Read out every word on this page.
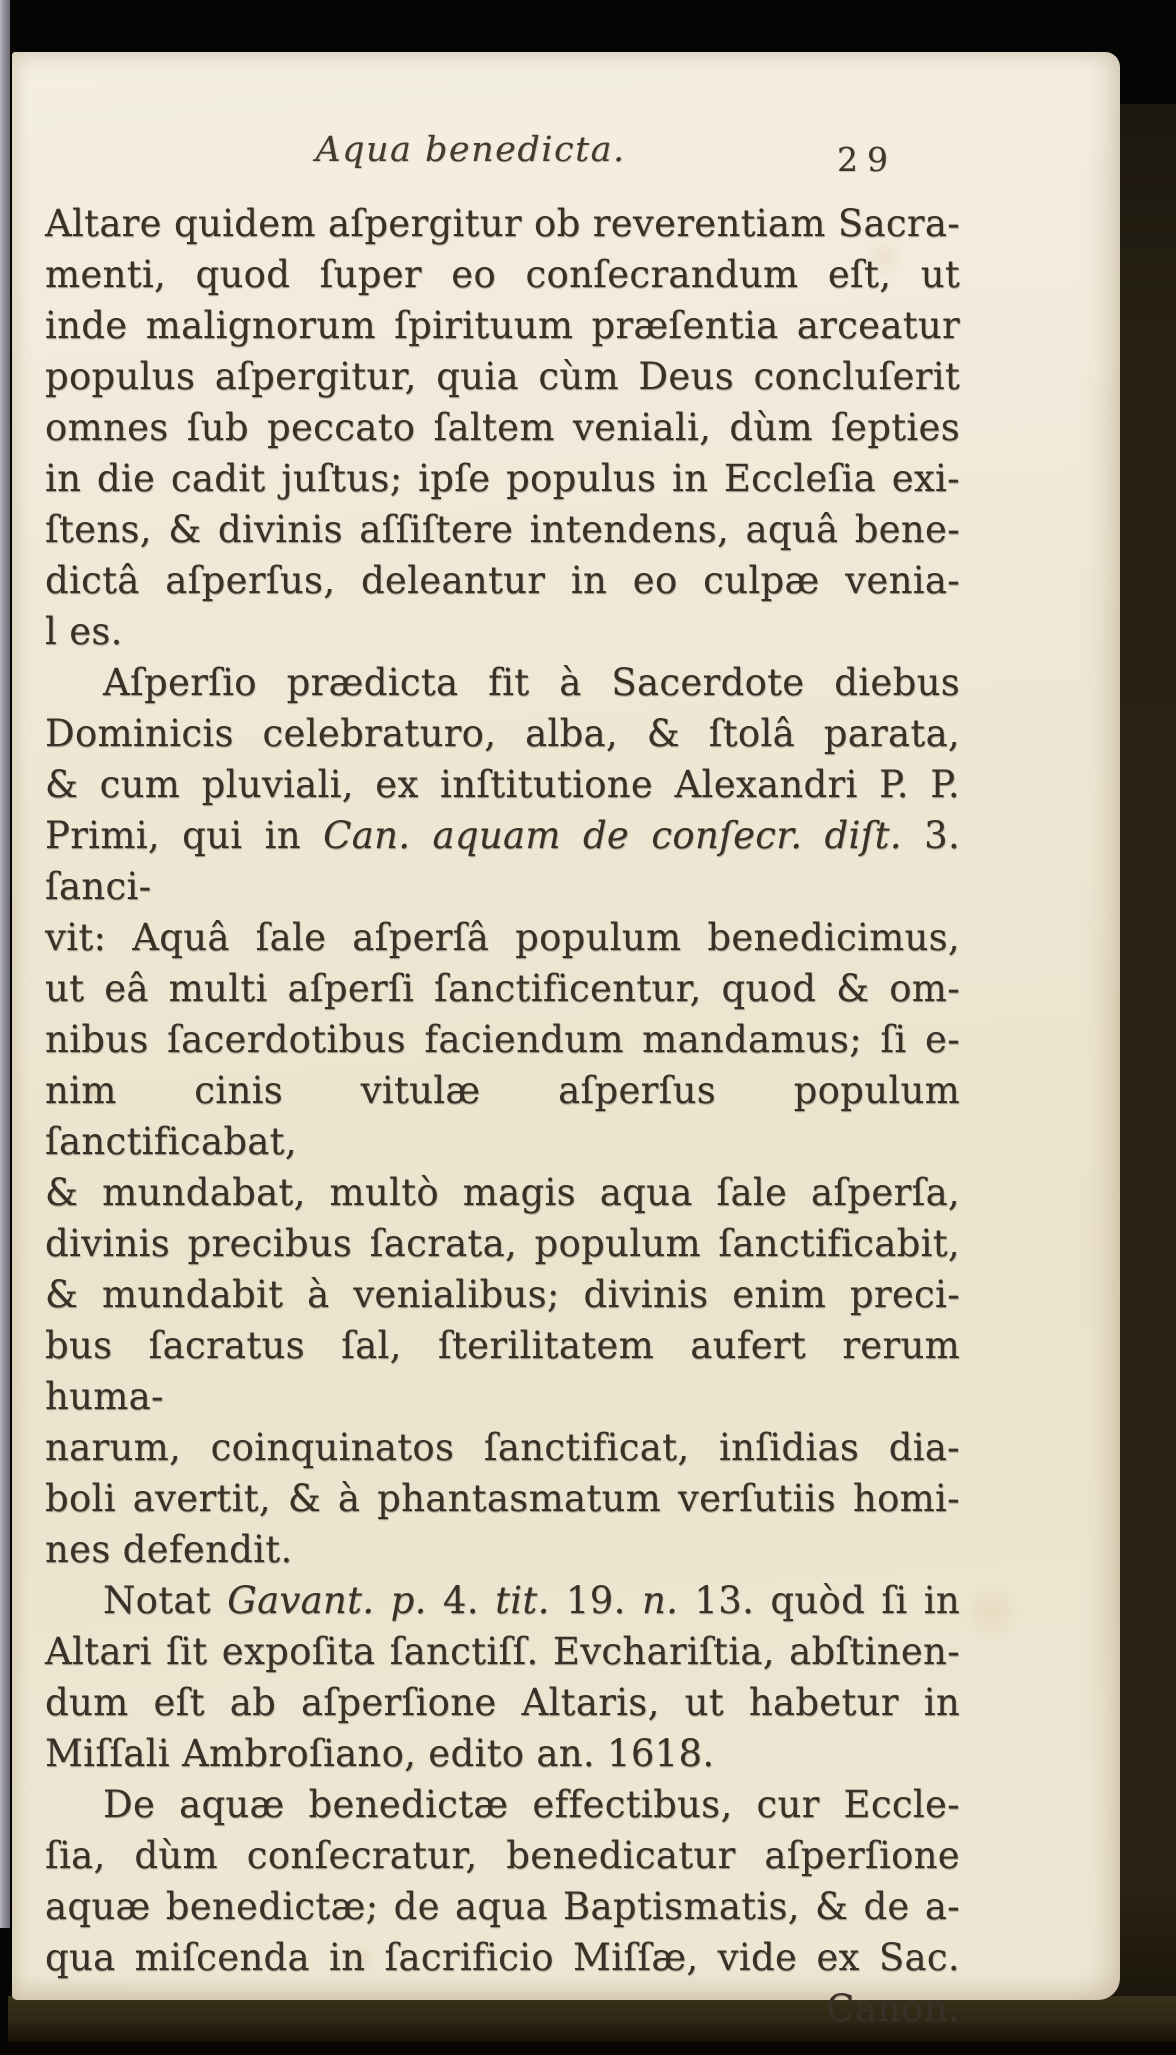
Aqua benedicta.	29
Altare quidem aſpergitur ob reverentiam Sacra-
menti, quod ſuper eo conſecrandum eſt, ut
inde malignorum ſpirituum præſentia arceatur
populus aſpergitur, quia cùm Deus concluſerit
omnes ſub peccato ſaltem veniali, dùm ſepties
in die cadit juſtus; ipſe populus in Eccleſia exi-
ſtens, & divinis aſſiſtere intendens, aquâ bene-
dictâ aſperſus, deleantur in eo culpæ venia-
l es.
Aſperſio prædicta fit à Sacerdote diebus
Dominicis celebraturo, alba, & ſtolâ parata,
& cum pluviali, ex inſtitutione Alexandri P. P.
Primi, qui in Can. aquam de conſecr. diſt. 3. ſanci-
vit: Aquâ ſale aſperſâ populum benedicimus,
ut eâ multi aſperſi ſanctificentur, quod & om-
nibus ſacerdotibus faciendum mandamus; ſi e-
nim cinis vitulæ aſperſus populum ſanctificabat,
& mundabat, multò magis aqua ſale aſperſa,
divinis precibus ſacrata, populum ſanctificabit,
& mundabit à venialibus; divinis enim preci-
bus ſacratus ſal, ſterilitatem aufert rerum huma-
narum, coinquinatos ſanctificat, inſidias dia-
boli avertit, & à phantasmatum verſutiis homi-
nes defendit.
Notat Gavant. p. 4. tit. 19. n. 13. quòd ſi in
Altari ſit expoſita ſanctiſſ. Evchariſtia, abſtinen-
dum eſt ab aſperſione Altaris, ut habetur in
Miſſali Ambroſiano, edito an. 1618.
De aquæ benedictæ effectibus, cur Eccle-
ſia, dùm conſecratur, benedicatur aſperſione
aquæ benedictæ; de aqua Baptismatis, & de a-
qua miſcenda in ſacrificio Miſſæ, vide ex Sac.
Canon.
